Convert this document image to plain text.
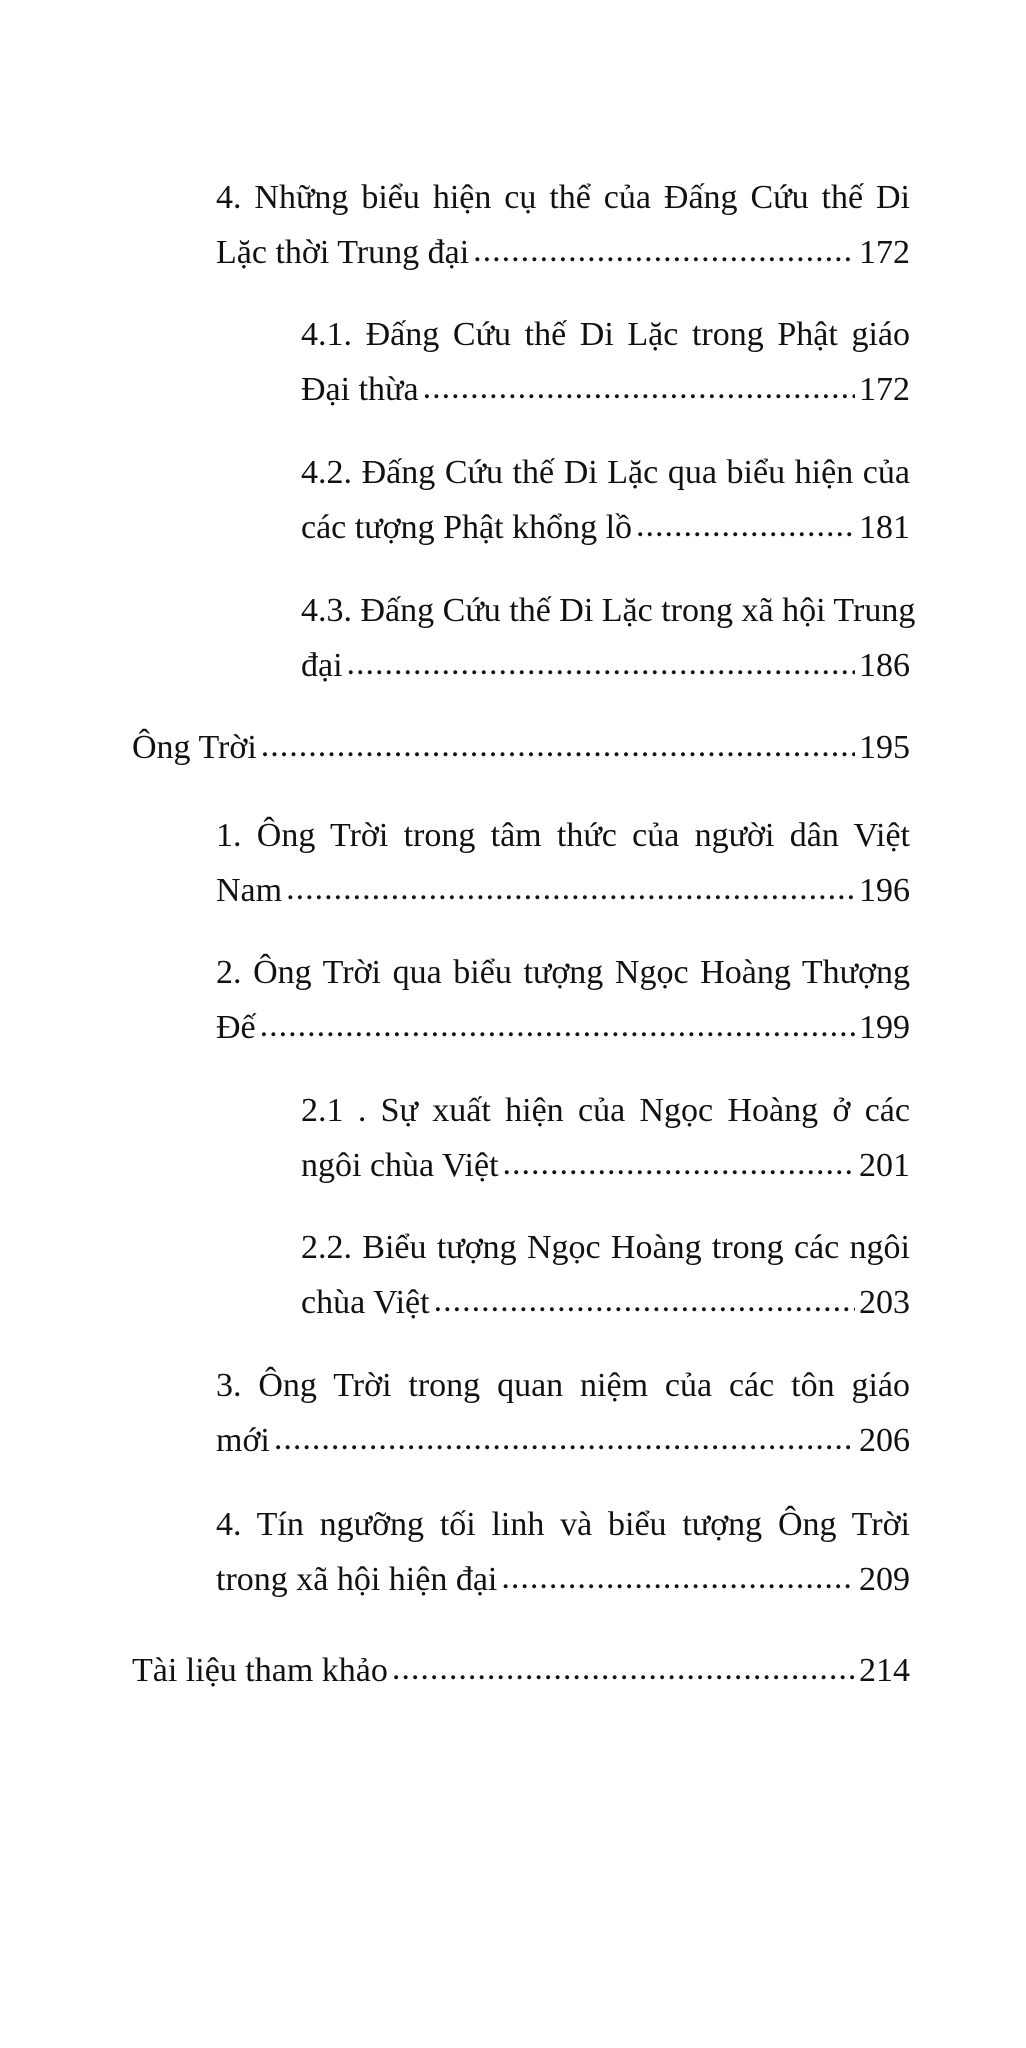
4. Những biểu hiện cụ thể của Đấng Cứu thế Di
Lặc thời Trung đại .....	172
4.1. Đấng Cứu thế Di Lặc trong Phật giáo
Đại thừa .....	172
4.2. Đấng Cứu thế Di Lặc qua biểu hiện của
các tượng Phật khổng lồ .....	181
4.3. Đấng Cứu thế Di Lặc trong xã hội Trung
đại .....	186
Ông Trời .....	195
1. Ông Trời trong tâm thức của người dân Việt
Nam .....	196
2. Ông Trời qua biểu tượng Ngọc Hoàng Thượng
Đế .....	199
2.1 . Sự xuất hiện của Ngọc Hoàng ở các
ngôi chùa Việt .....	201
2.2. Biểu tượng Ngọc Hoàng trong các ngôi
chùa Việt .....	203
3. Ông Trời trong quan niệm của các tôn giáo
mới .....	206
4. Tín ngưỡng tối linh và biểu tượng Ông Trời
trong xã hội hiện đại .....	209
Tài liệu tham khảo .....	214
